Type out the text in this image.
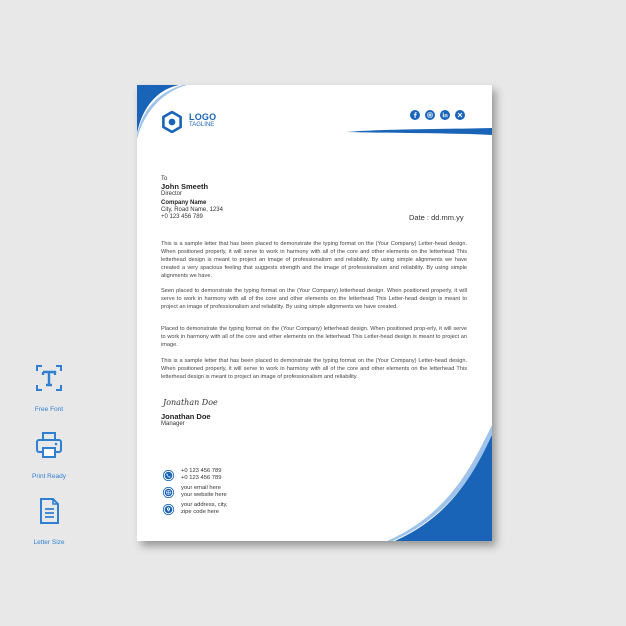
Free Font
Print Ready
Letter Size
LOGO
TAGLINE
To
John Smeeth
Director
Company Name
City, Road Name, 1234
+0 123 456 789	Date : dd.mm.yy

This is a sample letter that has been placed to demonstrate the typing format on the (Your Company) Letter-head design. When positioned properly, it will serve to work in harmony with all of the core and other elements on the letterhead This letterhead design is meant to project an image of professionalism and reliability. By using simple alignments we have created a very spacious feeling that suggests strength and the image of professionalism and reliability. By using simple alignments we have.

Seen placed to demonstrate the typing format on the (Your Company) letterhead design. When positioned properly, it will serve to work in harmony with all of the core and other elements on the letterhead This Letter-head design is meant to project an image of professionalism and reliability. By using simple alignments we have created.

Placed to demonstrate the typing format on the (Your Company) letterhead design. When positioned prop-erly, it will serve to work in harmony with all of the core and ether elements on the letterhead This Letter-head design is meant to project an image.

This is a sample letter that has been placed to demonstrate the typing format on the (Your Company) Letter-head design. When positioned properly, it will serve to work in harmony with all of the core and other elements on the letterhead This letterhead design is meant to project an image of professionalism and reliability.

Jonathan Doe
Jonathan Doe
Manager
+0 123 456 789
+0 123 456 789
your email here
your website here
your address, city,
zipe code here
